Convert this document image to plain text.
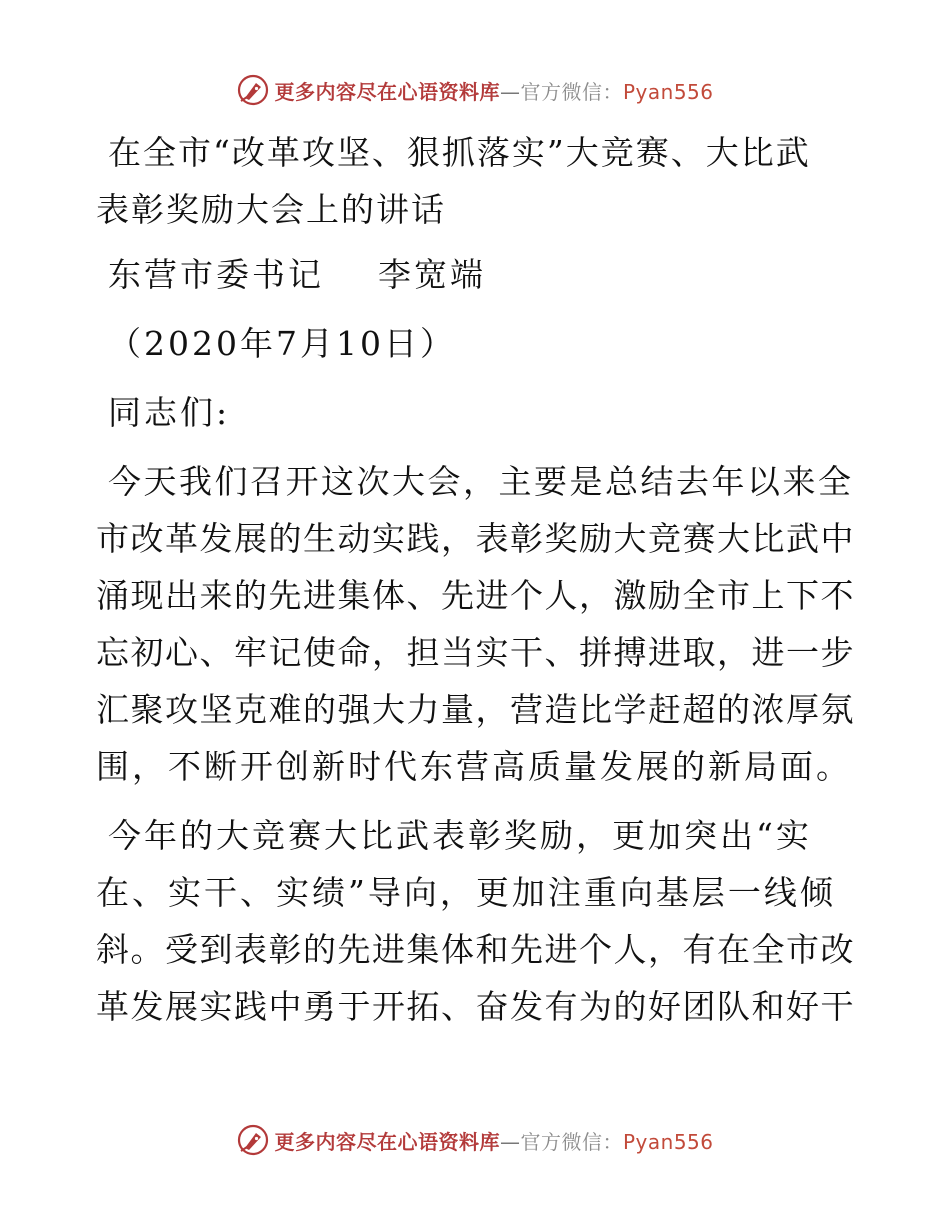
更多内容尽在心语资料库—官方微信：Pyan556
在全市“改革攻坚、狠抓落实”大竞赛、大比武
表彰奖励大会上的讲话
东营市委书记    李宽端
（2020年7月10日）
同志们:
今天我们召开这次大会，主要是总结去年以来全
市改革发展的生动实践，表彰奖励大竞赛大比武中
涌现出来的先进集体、先进个人，激励全市上下不
忘初心、牢记使命，担当实干、拼搏进取，进一步
汇聚攻坚克难的强大力量，营造比学赶超的浓厚氛
围，不断开创新时代东营高质量发展的新局面。
今年的大竞赛大比武表彰奖励，更加突出“实
在、实干、实绩”导向，更加注重向基层一线倾
斜。受到表彰的先进集体和先进个人，有在全市改
革发展实践中勇于开拓、奋发有为的好团队和好干
更多内容尽在心语资料库—官方微信：Pyan556
